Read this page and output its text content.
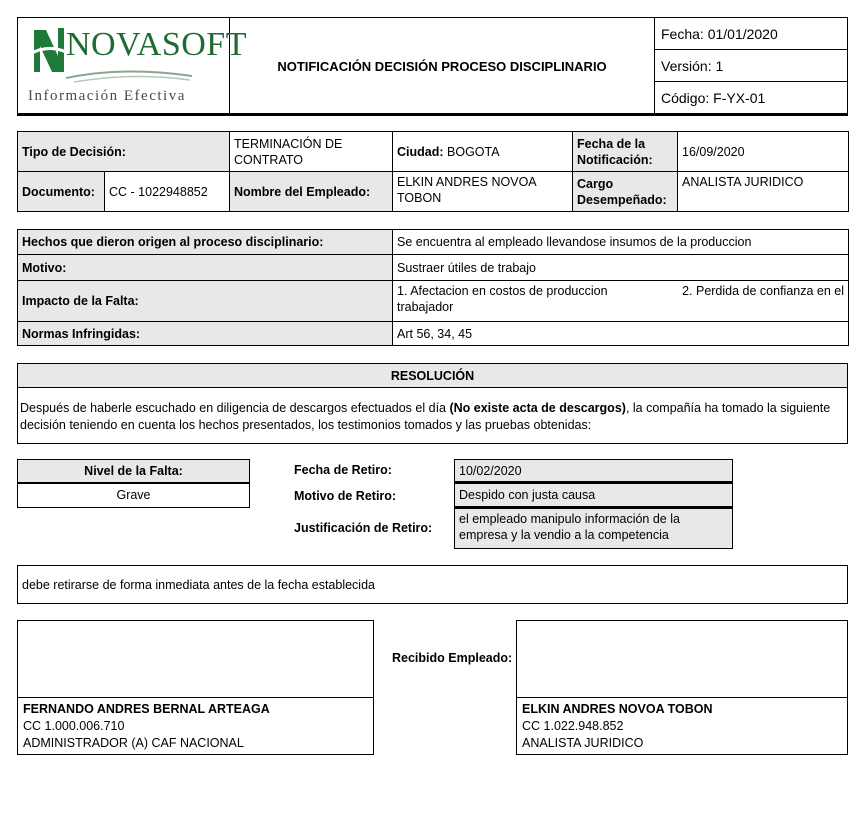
NOVASOFT
Información Efectiva
NOTIFICACIÓN DECISIÓN PROCESO DISCIPLINARIO
Fecha: 01/01/2020
Versión: 1
Código: F-YX-01
Tipo de Decisión:		TERMINACIÓN DE CONTRATO	Ciudad: BOGOTA	Fecha de la Notificación:	16/09/2020
Documento:	CC - 1022948852	Nombre del Empleado:	ELKIN ANDRES NOVOA TOBON	Cargo Desempeñado:	ANALISTA JURIDICO
Hechos que dieron origen al proceso disciplinario:	Se encuentra al empleado llevandose insumos de la produccion
Motivo:	Sustraer útiles de trabajo
Impacto de la Falta:	1. Afectacion en costos de produccion 2. Perdida de confianza en el
trabajador

Normas Infringidas:	Art 56, 34, 45
RESOLUCIÓN
Después de haberle escuchado en diligencia de descargos efectuados el día (No existe acta de descargos), la compañía ha tomado la siguiente decisión teniendo en cuenta los hechos presentados, los testimonios tomados y las pruebas obtenidas:
Nivel de la Falta:
Grave
Fecha de Retiro:	10/02/2020
Motivo de Retiro:	Despido con justa causa
Justificación de Retiro:
el empleado manipulo información de la empresa y la vendio a la competencia
debe retirarse de forma inmediata antes de la fecha establecida
FERNANDO ANDRES BERNAL ARTEAGA
CC 1.000.006.710
ADMINISTRADOR (A) CAF NACIONAL
Recibido Empleado:
ELKIN ANDRES NOVOA TOBON
CC 1.022.948.852
ANALISTA JURIDICO
